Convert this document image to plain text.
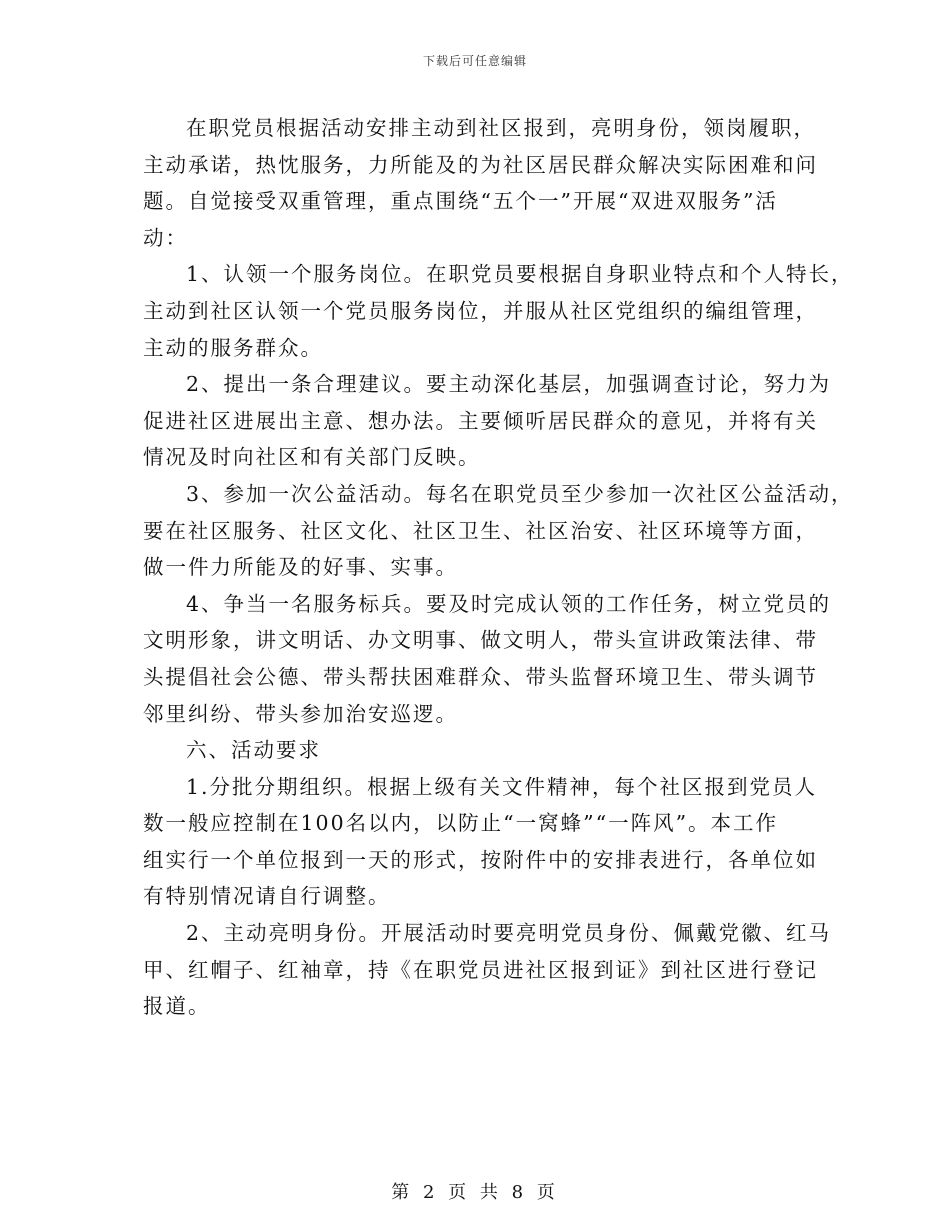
下载后可任意编辑
在职党员根据活动安排主动到社区报到，亮明身份，领岗履职，
主动承诺，热忱服务，力所能及的为社区居民群众解决实际困难和问
题。自觉接受双重管理，重点围绕“五个一”开展“双进双服务”活
动：
1、认领一个服务岗位。在职党员要根据自身职业特点和个人特长，
主动到社区认领一个党员服务岗位，并服从社区党组织的编组管理，
主动的服务群众。
2、提出一条合理建议。要主动深化基层，加强调查讨论，努力为
促进社区进展出主意、想办法。主要倾听居民群众的意见，并将有关
情况及时向社区和有关部门反映。
3、参加一次公益活动。每名在职党员至少参加一次社区公益活动，
要在社区服务、社区文化、社区卫生、社区治安、社区环境等方面，
做一件力所能及的好事、实事。
4、争当一名服务标兵。要及时完成认领的工作任务，树立党员的
文明形象，讲文明话、办文明事、做文明人，带头宣讲政策法律、带
头提倡社会公德、带头帮扶困难群众、带头监督环境卫生、带头调节
邻里纠纷、带头参加治安巡逻。
六、活动要求
1.分批分期组织。根据上级有关文件精神，每个社区报到党员人
数一般应控制在100名以内，以防止“一窝蜂”“一阵风”。本工作
组实行一个单位报到一天的形式，按附件中的安排表进行，各单位如
有特别情况请自行调整。
2、主动亮明身份。开展活动时要亮明党员身份、佩戴党徽、红马
甲、红帽子、红袖章，持《在职党员进社区报到证》到社区进行登记
报道。
第 2 页 共 8 页
